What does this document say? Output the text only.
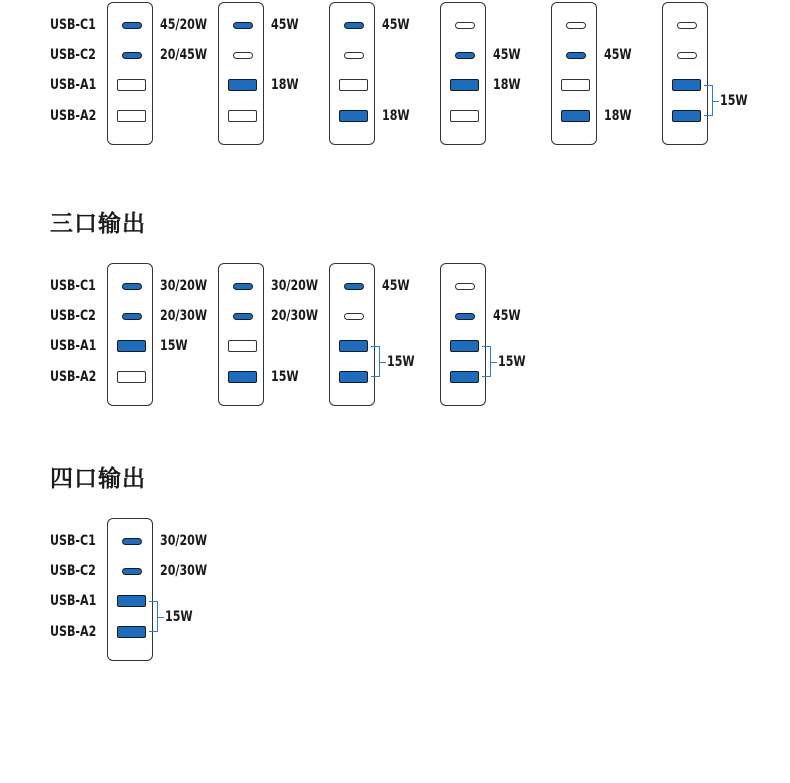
USB-C1
USB-C2
USB-A1
USB-A2
45/20W
20/45W
45W
18W
45W
18W
45W
18W
45W
18W
15W
三口输出
USB-C1
USB-C2
USB-A1
USB-A2
30/20W
20/30W
15W
30/20W
20/30W
15W
45W
15W
45W
15W
四口输出
USB-C1
USB-C2
USB-A1
USB-A2
30/20W
20/30W
15W
